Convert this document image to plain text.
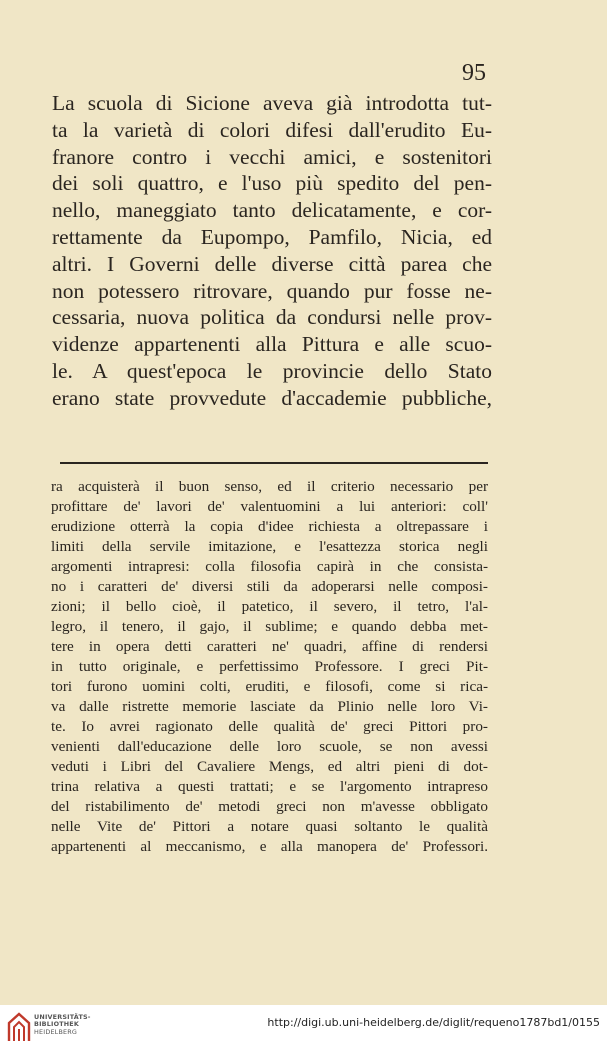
95
La scuola di Sicione aveva già introdotta tut-
ta la varietà di colori difesi dall'erudito Eu-
franore contro i vecchi amici, e sostenitori
dei soli quattro, e l'uso più spedito del pen-
nello, maneggiato tanto delicatamente, e cor-
rettamente da Eupompo, Pamfilo, Nicia, ed
altri. I Governi delle diverse città parea che
non potessero ritrovare, quando pur fosse ne-
cessaria, nuova politica da condursi nelle prov-
videnze appartenenti alla Pittura e alle scuo-
le. A quest'epoca le provincie dello Stato
erano state provvedute d'accademie pubbliche,
ra acquisterà il buon senso, ed il criterio necessario per
profittare de' lavori de' valentuomini a lui anteriori: coll'
erudizione otterrà la copia d'idee richiesta a oltrepassare i
limiti della servile imitazione, e l'esattezza storica negli
argomenti intrapresi: colla filosofia capirà in che consista-
no i caratteri de' diversi stili da adoperarsi nelle composi-
zioni; il bello cioè, il patetico, il severo, il tetro, l'al-
legro, il tenero, il gajo, il sublime; e quando debba met-
tere in opera detti caratteri ne' quadri, affine di rendersi
in tutto originale, e perfettissimo Professore. I greci Pit-
tori furono uomini colti, eruditi, e filosofi, come si rica-
va dalle ristrette memorie lasciate da Plinio nelle loro Vi-
te. Io avrei ragionato delle qualità de' greci Pittori pro-
venienti dall'educazione delle loro scuole, se non avessi
veduti i Libri del Cavaliere Mengs, ed altri pieni di dot-
trina relativa a questi trattati; e se l'argomento intrapreso
del ristabilimento de' metodi greci non m'avesse obbligato
nelle Vite de' Pittori a notare quasi soltanto le qualità
appartenenti al meccanismo, e alla manopera de' Professori.
UNIVERSITÄTS-
BIBLIOTHEK
HEIDELBERG
http://digi.ub.uni-heidelberg.de/diglit/requeno1787bd1/0155
